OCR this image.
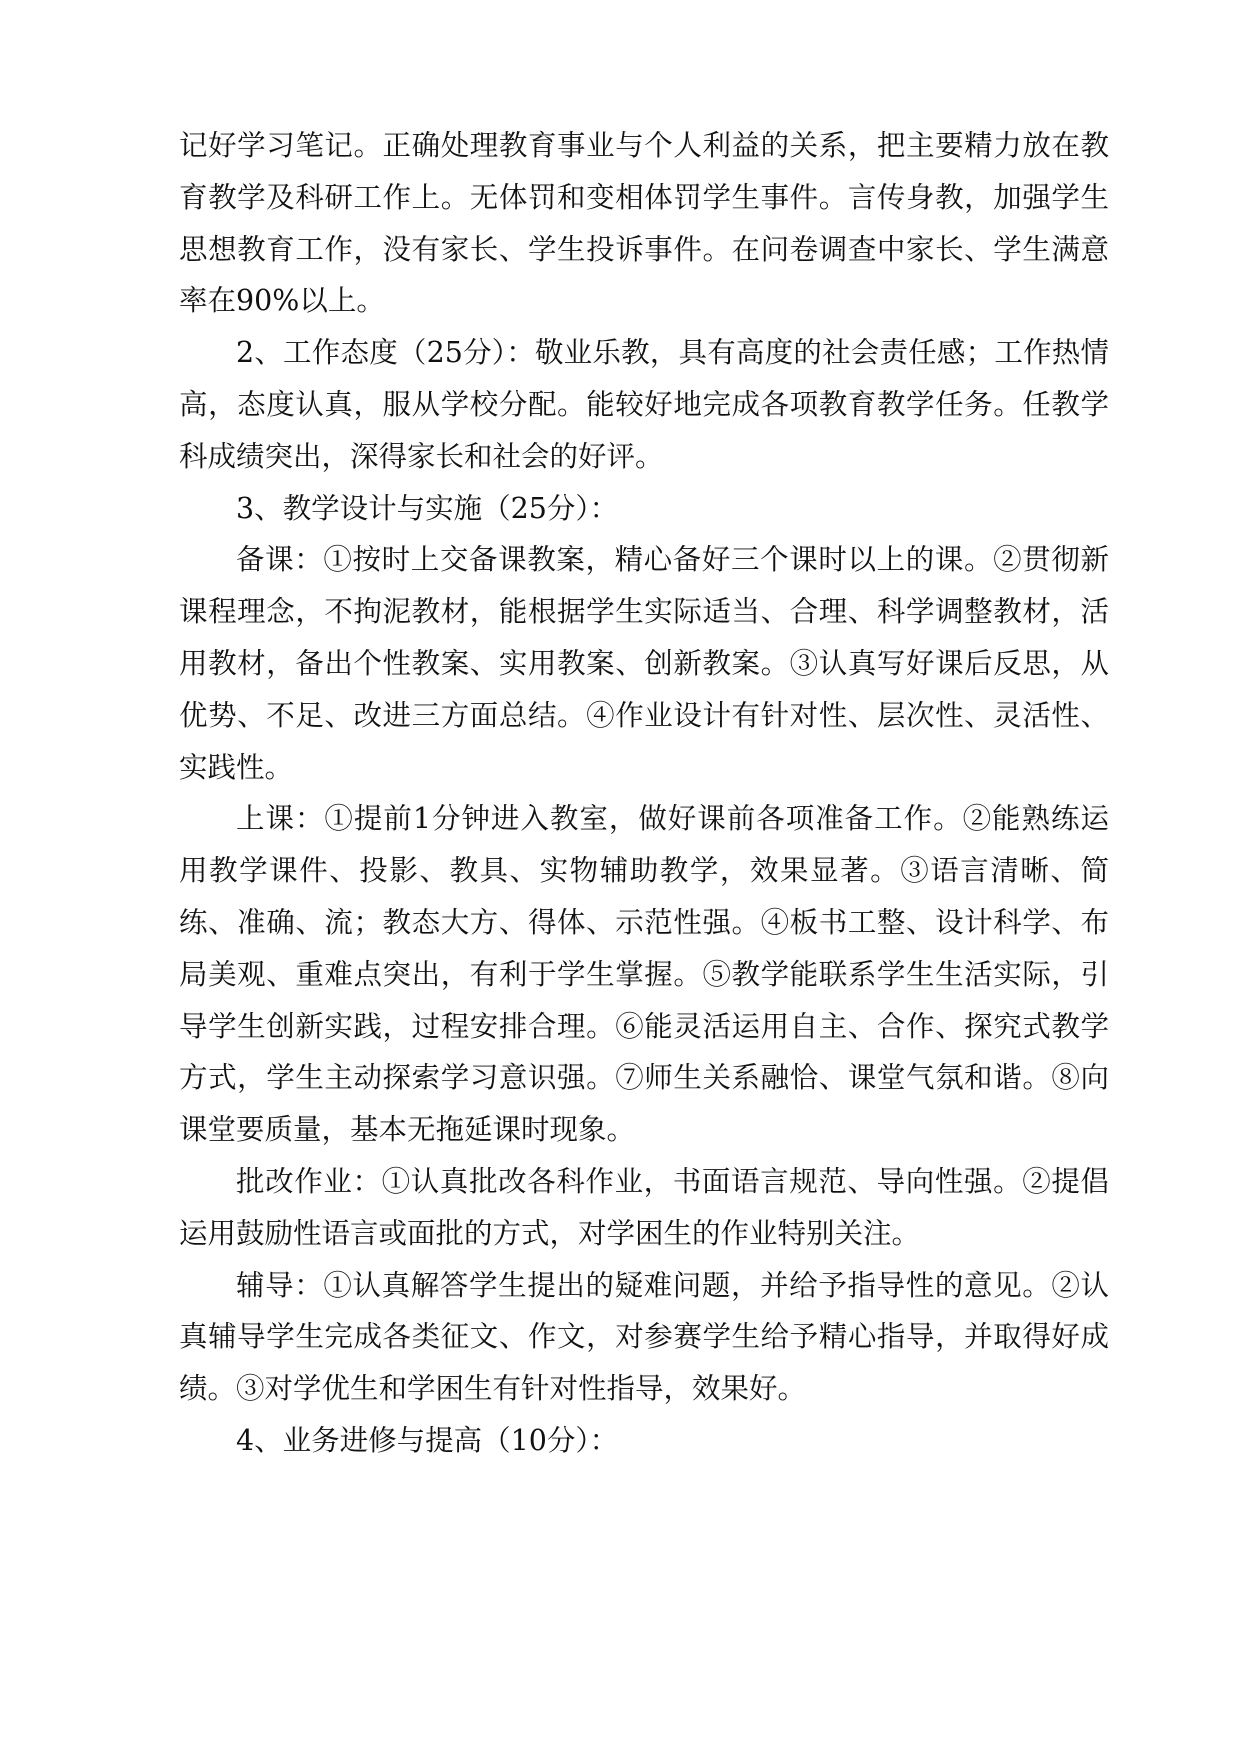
记好学习笔记。正确处理教育事业与个人利益的关系，把主要精力放在教育教学及科研工作上。无体罚和变相体罚学生事件。言传身教，加强学生思想教育工作，没有家长、学生投诉事件。在问卷调查中家长、学生满意率在90%以上。

2、工作态度（25分）：敬业乐教，具有高度的社会责任感；工作热情高，态度认真，服从学校分配。能较好地完成各项教育教学任务。任教学科成绩突出，深得家长和社会的好评。

3、教学设计与实施（25分）：

备课：①按时上交备课教案，精心备好三个课时以上的课。②贯彻新课程理念，不拘泥教材，能根据学生实际适当、合理、科学调整教材，活用教材，备出个性教案、实用教案、创新教案。③认真写好课后反思，从优势、不足、改进三方面总结。④作业设计有针对性、层次性、灵活性、实践性。

上课：①提前1分钟进入教室，做好课前各项准备工作。②能熟练运用教学课件、投影、教具、实物辅助教学，效果显著。③语言清晰、简练、准确、流；教态大方、得体、示范性强。④板书工整、设计科学、布局美观、重难点突出，有利于学生掌握。⑤教学能联系学生生活实际，引导学生创新实践，过程安排合理。⑥能灵活运用自主、合作、探究式教学方式，学生主动探索学习意识强。⑦师生关系融恰、课堂气氛和谐。⑧向课堂要质量，基本无拖延课时现象。

批改作业：①认真批改各科作业，书面语言规范、导向性强。②提倡运用鼓励性语言或面批的方式，对学困生的作业特别关注。

辅导：①认真解答学生提出的疑难问题，并给予指导性的意见。②认真辅导学生完成各类征文、作文，对参赛学生给予精心指导，并取得好成绩。③对学优生和学困生有针对性指导，效果好。

4、业务进修与提高（10分）：
